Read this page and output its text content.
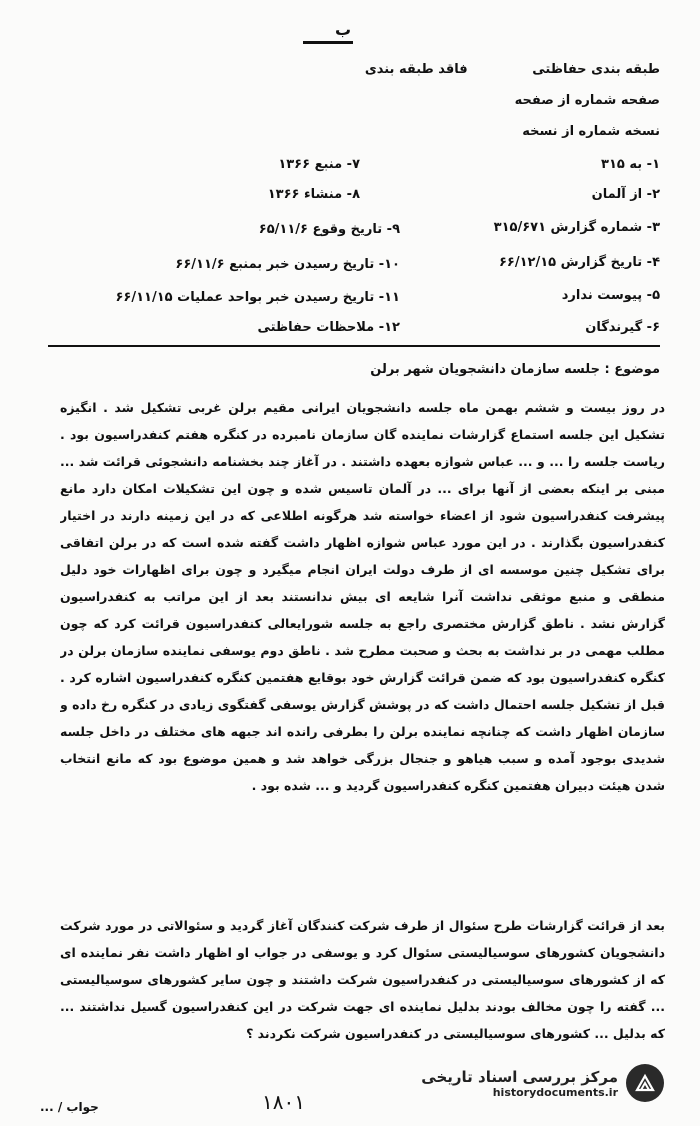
ب
طبقه بندی حفاظتی فاقد طبقه بندی
صفحه شماره از صفحه
نسخه شماره از نسخه
۱- به ۳۱۵
۲- از آلمان
۳- شماره گزارش ۳۱۵/۶۷۱
۴- تاریخ گزارش ۶۶/۱۲/۱۵
۵- پیوست ندارد
۶- گیرندگان
۷- منبع ۱۳۶۶
۸- منشاء ۱۳۶۶
۹- تاریخ وقوع ۶۵/۱۱/۶
۱۰- تاریخ رسیدن خبر بمنبع ۶۶/۱۱/۶
۱۱- تاریخ رسیدن خبر بواحد عملیات ۶۶/۱۱/۱۵
۱۲- ملاحظات حفاظتی
موضوع : جلسه سازمان دانشجویان شهر برلن
در روز بیست و ششم بهمن ماه جلسه دانشجویان ایرانی مقیم برلن غربی تشکیل شد . انگیزه تشکیل این جلسه استماع گزارشات نماینده گان سازمان نامبرده در کنگره هفتم کنفدراسیون بود . ریاست جلسه را ... و ... عباس شوازه بعهده داشتند . در آغاز چند بخشنامه دانشجوئی قرائت شد ... مبنی بر اینکه بعضی از آنها برای ... در آلمان تاسیس شده و چون این تشکیلات امکان دارد مانع پیشرفت کنفدراسیون شود از اعضاء خواسته شد هرگونه اطلاعی که در این زمینه دارند در اختیار کنفدراسیون بگذارند . در این مورد عباس شوازه اظهار داشت گفته شده است که در برلن اتفاقی برای تشکیل چنین موسسه ای از طرف دولت ایران انجام میگیرد و چون برای اظهارات خود دلیل منطقی و منبع موثقی نداشت آنرا شایعه ای بیش ندانستند بعد از این مراتب به کنفدراسیون گزارش نشد . ناطق گزارش مختصری راجع به جلسه شورایعالی کنفدراسیون قرائت کرد که چون مطلب مهمی در بر نداشت به بحث و صحبت مطرح شد . ناطق دوم یوسفی نماینده سازمان برلن در کنگره کنفدراسیون بود که ضمن قرائت گزارش خود بوقایع هفتمین کنگره کنفدراسیون اشاره کرد . قبل از تشکیل جلسه احتمال داشت که در پوشش گزارش یوسفی گفتگوی زیادی در کنگره رخ داده و سازمان اظهار داشت که چنانچه نماینده برلن را بطرفی رانده اند جبهه های مختلف در داخل جلسه شدیدی بوجود آمده و سبب هیاهو و جنجال بزرگی خواهد شد و همین موضوع بود که مانع انتخاب شدن هیئت دبیران هفتمین کنگره کنفدراسیون گردید و ... شده بود .
بعد از قرائت گزارشات طرح سئوال از طرف شرکت کنندگان آغاز گردید و سئوالاتی در مورد شرکت دانشجویان کشورهای سوسیالیستی سئوال کرد و یوسفی در جواب او اظهار داشت نفر نماینده ای که از کشورهای سوسیالیستی در کنفدراسیون شرکت داشتند و چون سایر کشورهای سوسیالیستی ... گفته را چون مخالف بودند بدلیل نماینده ای جهت شرکت در این کنفدراسیون گسیل نداشتند ... که بدلیل ... کشورهای سوسیالیستی در کنفدراسیون شرکت نکردند ؟
جواب / ...	۱۸۰۱
مرکز بررسی اسناد تاریخی
historydocuments.ir
